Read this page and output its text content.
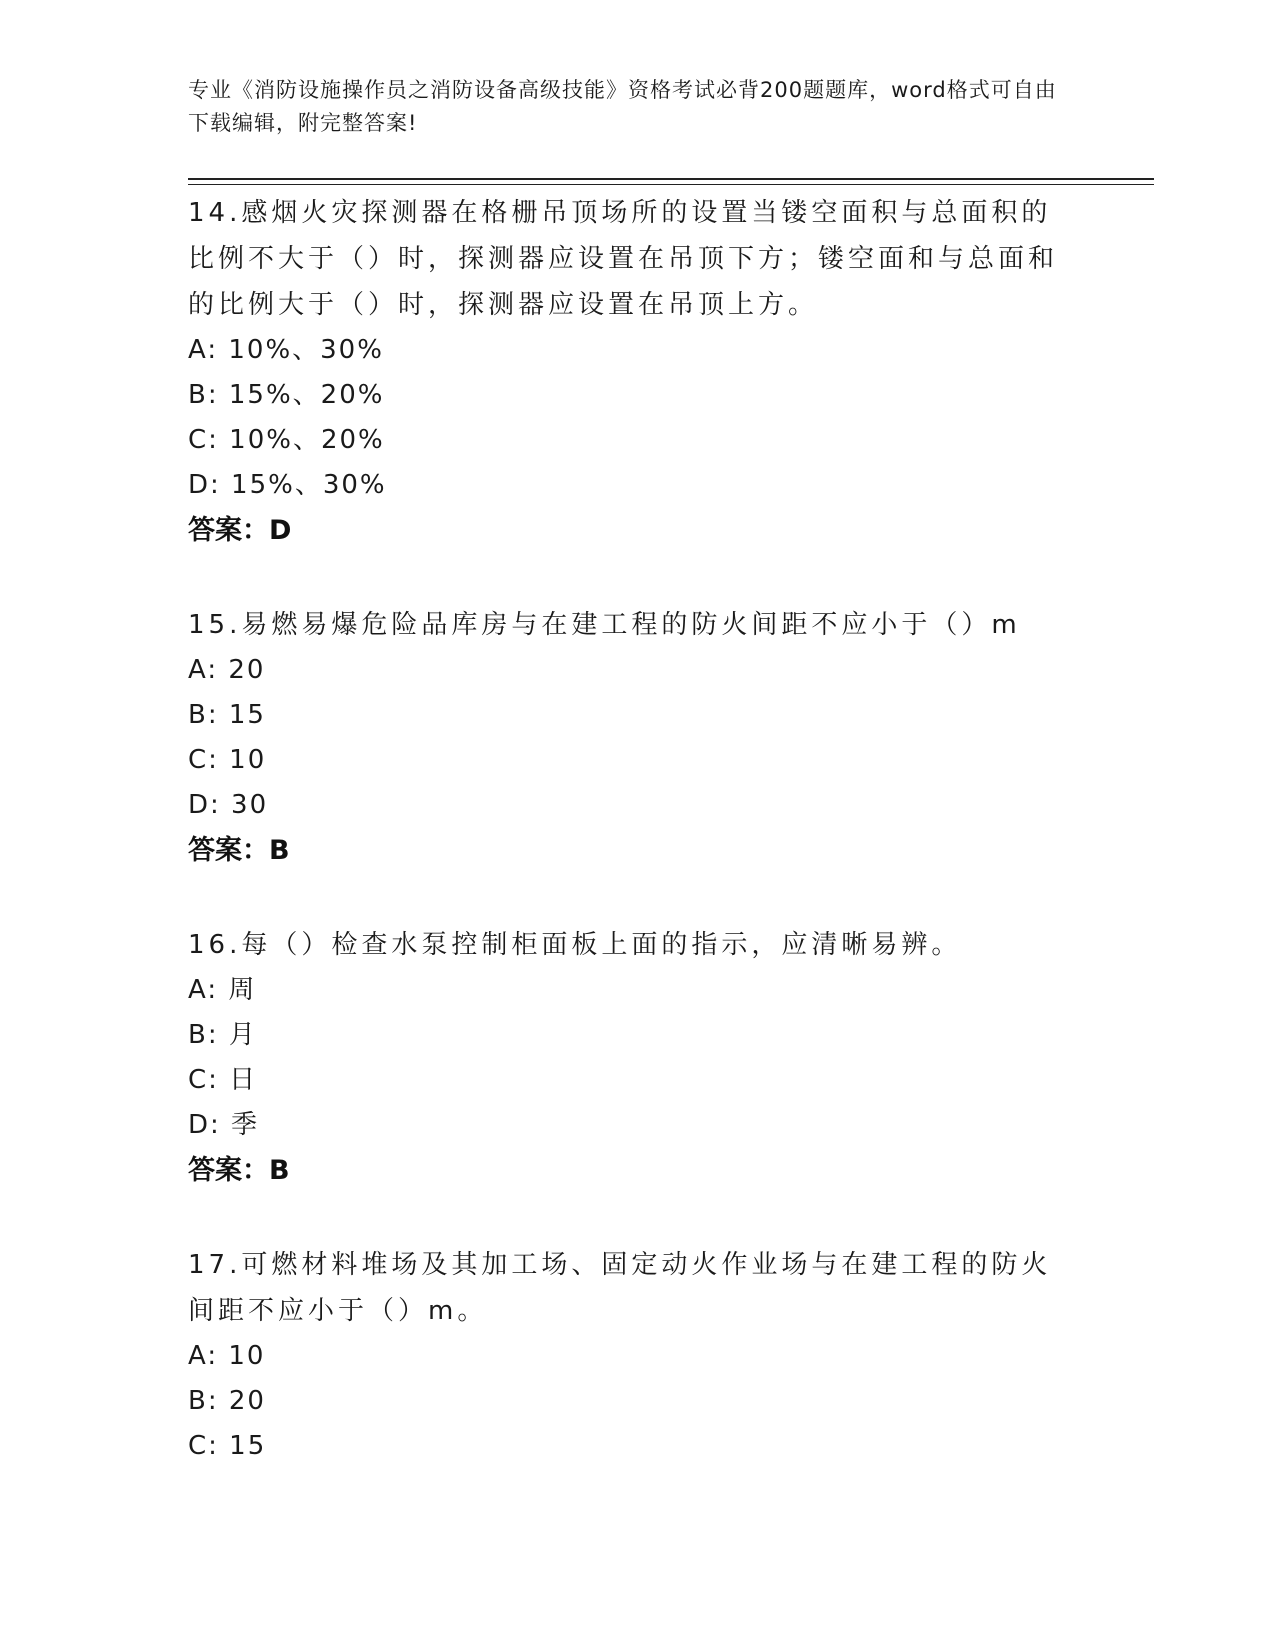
专业《消防设施操作员之消防设备高级技能》资格考试必背200题题库，word格式可自由下载编辑，附完整答案!

14.感烟火灾探测器在格栅吊顶场所的设置当镂空面积与总面积的比例不大于（）时，探测器应设置在吊顶下方；镂空面和与总面和的比例大于（）时，探测器应设置在吊顶上方。

A: 10%、30%

B: 15%、20%

C: 10%、20%

D: 15%、30%

答案：D

15.易燃易爆危险品库房与在建工程的防火间距不应小于（）m

A: 20

B: 15

C: 10

D: 30

答案：B

16.每（）检查水泵控制柜面板上面的指示，应清晰易辨。

A: 周

B: 月

C: 日

D: 季

答案：B

17.可燃材料堆场及其加工场、固定动火作业场与在建工程的防火间距不应小于（）m。

A: 10

B: 20

C: 15
